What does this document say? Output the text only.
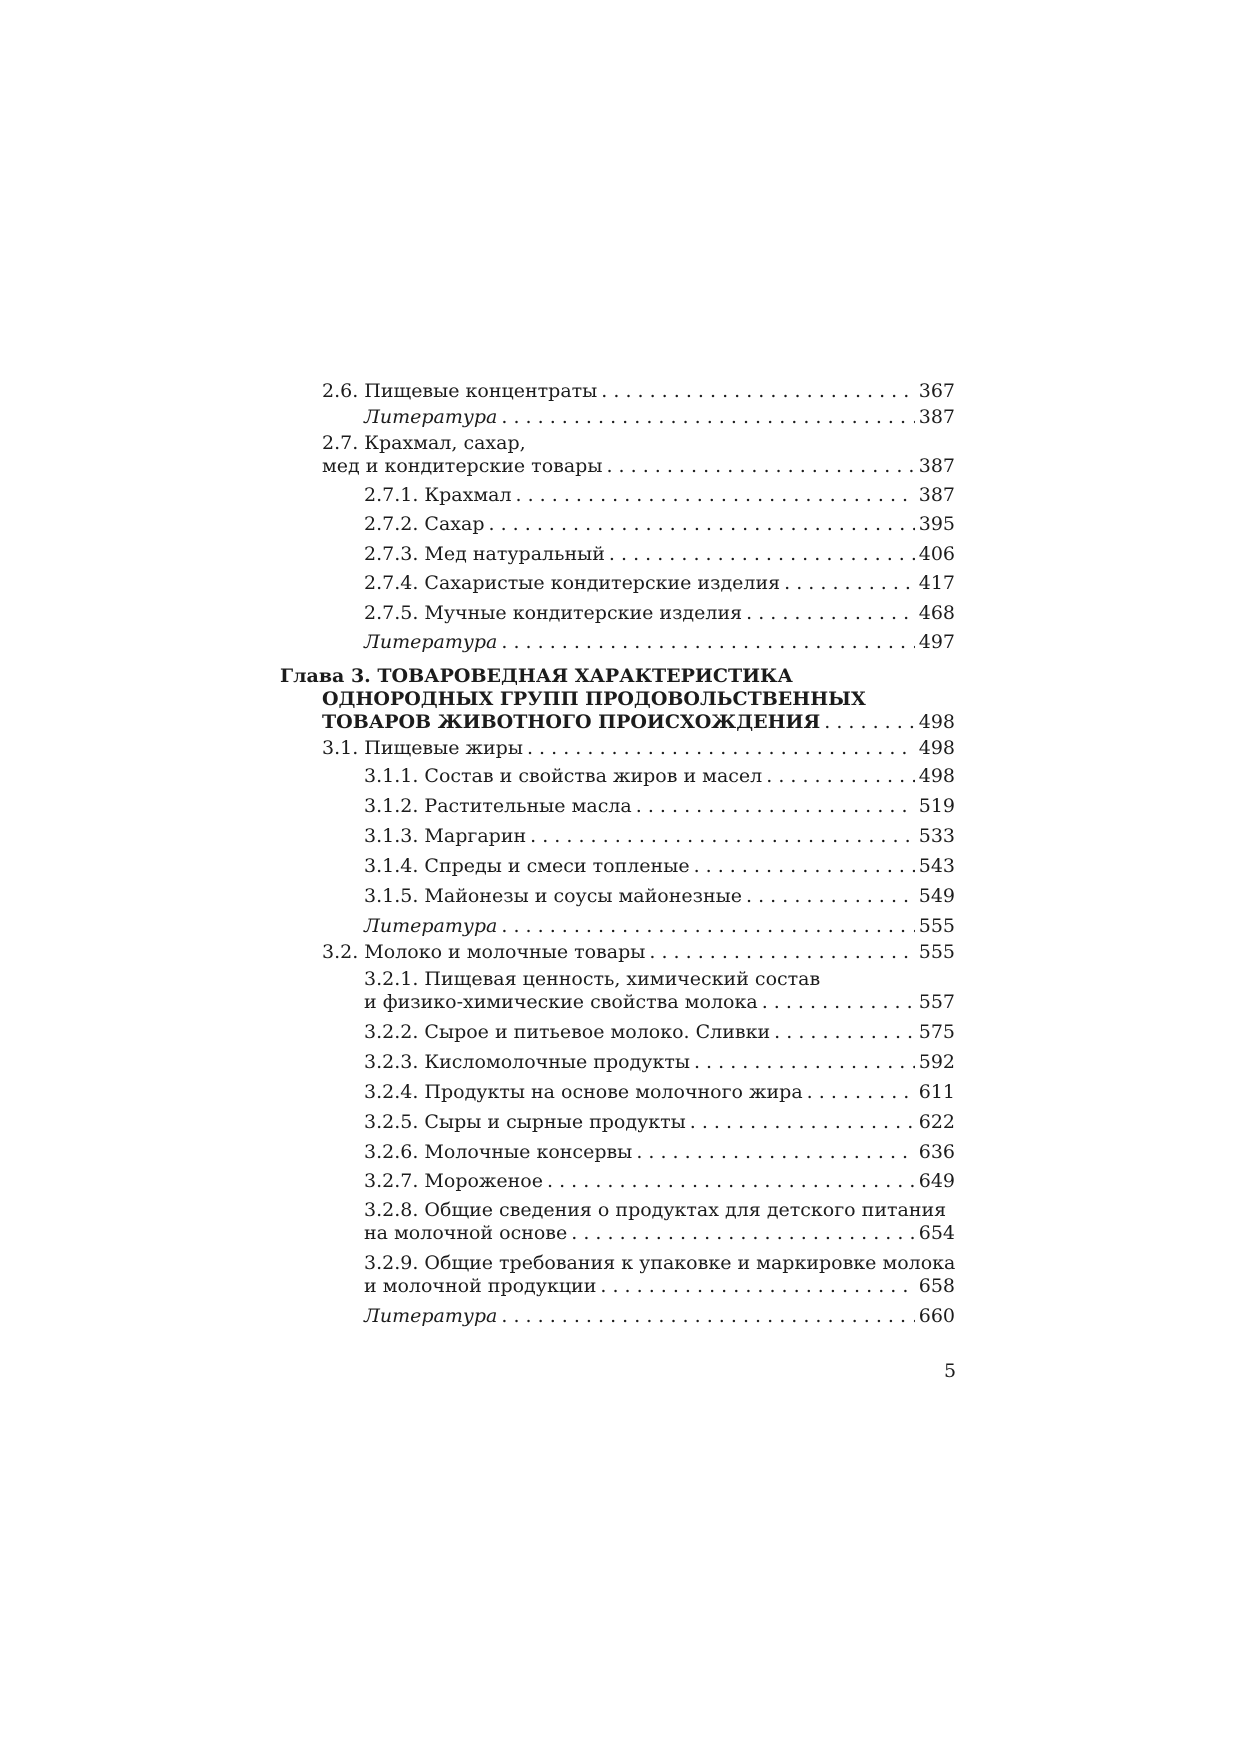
2.6. Пищевые концентраты . . .	367
Литература . . .	387
2.7. Крахмал, сахар,
мед и кондитерские товары . . .	387
2.7.1. Крахмал . . .	387
2.7.2. Сахар . . .	395
2.7.3. Мед натуральный . . .	406
2.7.4. Сахаристые кондитерские изделия . . .	417
2.7.5. Мучные кондитерские изделия . . .	468
Литература . . .	497
Глава 3. ТОВАРОВЕДНАЯ ХАРАКТЕРИСТИКА
ОДНОРОДНЫХ ГРУПП ПРОДОВОЛЬСТВЕННЫХ
ТОВАРОВ ЖИВОТНОГО ПРОИСХОЖДЕНИЯ . . .	498
3.1. Пищевые жиры . . .	498
3.1.1. Состав и свойства жиров и масел . . .	498
3.1.2. Растительные масла . . .	519
3.1.3. Маргарин . . .	533
3.1.4. Спреды и смеси топленые . . .	543
3.1.5. Майонезы и соусы майонезные . . .	549
Литература . . .	555
3.2. Молоко и молочные товары . . .	555
3.2.1. Пищевая ценность, химический состав
и физико-химические свойства молока . . .	557
3.2.2. Сырое и питьевое молоко. Сливки . . .	575
3.2.3. Кисломолочные продукты . . .	592
3.2.4. Продукты на основе молочного жира . . .	611
3.2.5. Сыры и сырные продукты . . .	622
3.2.6. Молочные консервы . . .	636
3.2.7. Мороженое . . .	649
3.2.8. Общие сведения о продуктах для детского питания
на молочной основе . . .	654
3.2.9. Общие требования к упаковке и маркировке молока
и молочной продукции . . .	658
Литература . . .	660
5
